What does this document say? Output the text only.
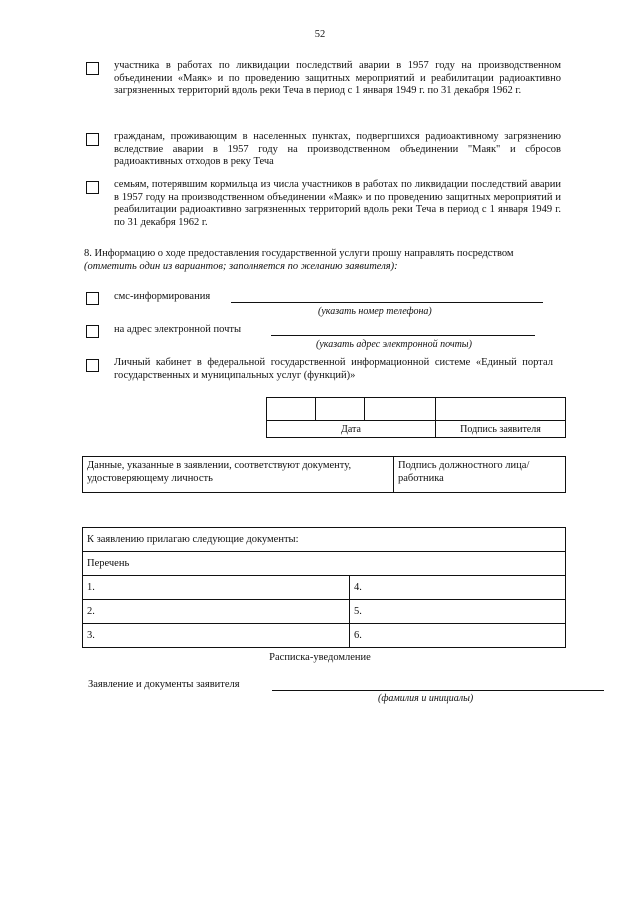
52
участника в работах по ликвидации последствий аварии в 1957 году на производственном объединении «Маяк» и по проведению защитных мероприятий и реабилитации радиоактивно загрязненных территорий вдоль реки Теча в период с 1 января 1949 г. по 31 декабря 1962 г.
гражданам, проживающим в населенных пунктах, подвергшихся радиоактивному загрязнению вследствие аварии в 1957 году на производственном объединении "Маяк" и сбросов радиоактивных отходов в реку Теча
семьям, потерявшим кормильца из числа участников в работах по ликвидации последствий аварии в 1957 году на производственном объединении «Маяк» и по проведению защитных мероприятий и реабилитации радиоактивно загрязненных территорий вдоль реки Теча в период с 1 января 1949 г. по 31 декабря 1962 г.
8. Информацию о ходе предоставления государственной услуги прошу направлять посредством
(отметить один из вариантов; заполняется по желанию заявителя):
смс-информирования
(указать номер телефона)
на адрес электронной почты
(указать адрес электронной почты)
Личный кабинет в федеральной государственной информационной системе «Единый портал государственных и муниципальных услуг (функций)»

Дата			Подпись заявителя
Данные, указанные в заявлении, соответствуют документу, удостоверяющему личность	Подпись должностного лица/работника
К заявлению прилагаю следующие документы:	
Перечень	
1.	4.
2.	5.
3.	6.
Расписка-уведомление
Заявление и документы заявителя
(фамилия и инициалы)
